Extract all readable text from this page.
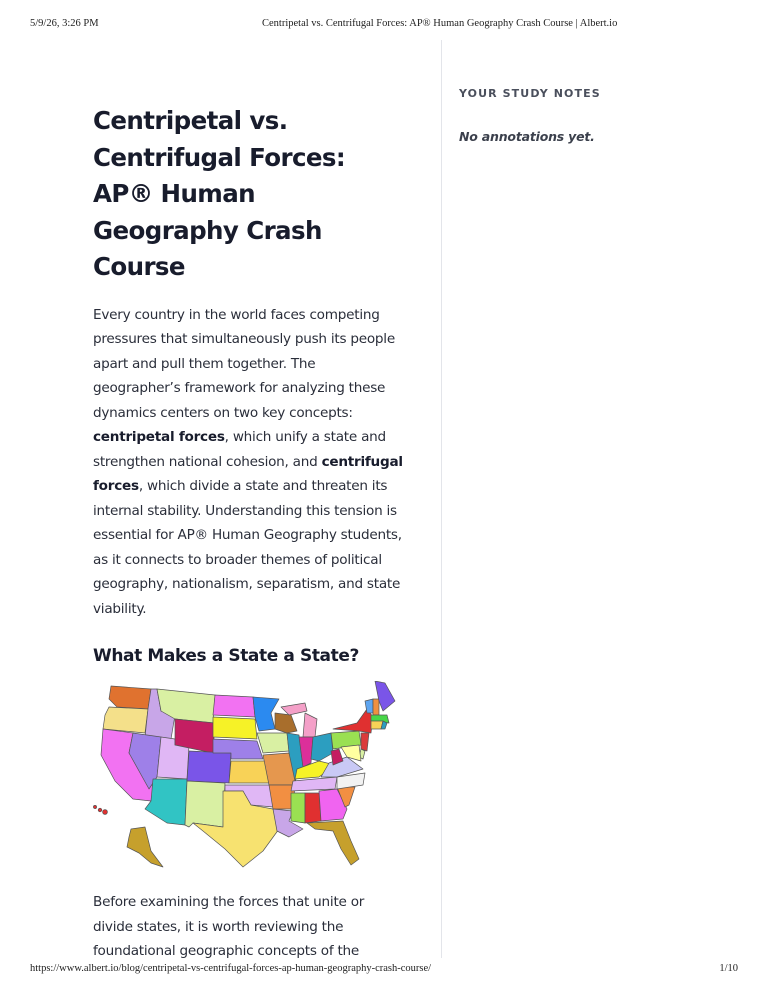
5/9/26, 3:26 PM	Centripetal vs. Centrifugal Forces: AP® Human Geography Crash Course | Albert.io
Centripetal vs. Centrifugal Forces: AP® Human Geography Crash Course

Every country in the world faces competing pressures that simultaneously push its people apart and pull them together. The geographer’s framework for analyzing these dynamics centers on two key concepts: centripetal forces, which unify a state and strengthen national cohesion, and centrifugal forces, which divide a state and threaten its internal stability. Understanding this tension is essential for AP® Human Geography students, as it connects to broader themes of political geography, nationalism, separatism, and state viability.

What Makes a State a State?

Before examining the forces that unite or divide states, it is worth reviewing the foundational geographic concepts of the

YOUR STUDY NOTES
No annotations yet.
https://www.albert.io/blog/centripetal-vs-centrifugal-forces-ap-human-geography-crash-course/	1/10
